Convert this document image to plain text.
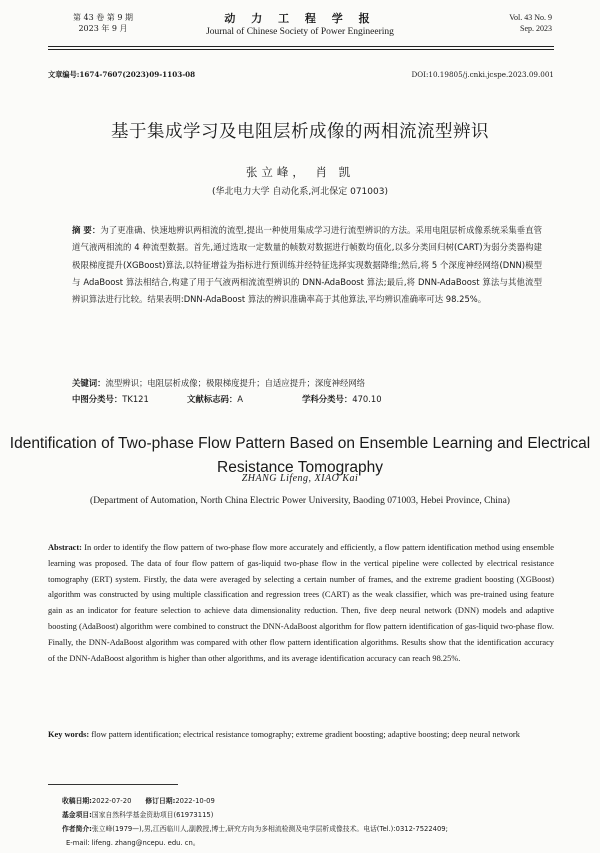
第 43 卷 第 9 期
2023 年 9 月
动 力 工 程 学 报
Journal of Chinese Society of Power Engineering
Vol. 43 No. 9
Sep. 2023
文章编号:1674-7607(2023)09-1103-08	DOI:10.19805/j.cnki.jcspe.2023.09.001
基于集成学习及电阻层析成像的两相流流型辨识
张立峰， 肖 凯
(华北电力大学 自动化系,河北保定 071003)
摘 要：为了更准确、快速地辨识两相流的流型,提出一种使用集成学习进行流型辨识的方法。采用电阻层析成像系统采集垂直管道气液两相流的 4 种流型数据。首先,通过选取一定数量的帧数对数据进行帧数均值化,以多分类回归树(CART)为弱分类器构建极限梯度提升(XGBoost)算法,以特征增益为指标进行预训练并经特征选择实现数据降维;然后,将 5 个深度神经网络(DNN)模型与 AdaBoost 算法相结合,构建了用于气液两相流流型辨识的 DNN-AdaBoost 算法;最后,将 DNN-AdaBoost 算法与其他流型辨识算法进行比较。结果表明:DNN-AdaBoost 算法的辨识准确率高于其他算法,平均辨识准确率可达 98.25%。
关键词：流型辨识；电阻层析成像；极限梯度提升；自适应提升；深度神经网络
中图分类号：TK121	文献标志码：A	学科分类号：470.10
Identification of Two-phase Flow Pattern Based on Ensemble Learning and Electrical Resistance Tomography
ZHANG Lifeng, XIAO Kai
(Department of Automation, North China Electric Power University, Baoding 071003, Hebei Province, China)
Abstract: In order to identify the flow pattern of two-phase flow more accurately and efficiently, a flow pattern identification method using ensemble learning was proposed. The data of four flow pattern of gas-liquid two-phase flow in the vertical pipeline were collected by electrical resistance tomography (ERT) system. Firstly, the data were averaged by selecting a certain number of frames, and the extreme gradient boosting (XGBoost) algorithm was constructed by using multiple classification and regression trees (CART) as the weak classifier, which was pre-trained using feature gain as an indicator for feature selection to achieve data dimensionality reduction. Then, five deep neural network (DNN) models and adaptive boosting (AdaBoost) algorithm were combined to construct the DNN-AdaBoost algorithm for flow pattern identification of gas-liquid two-phase flow. Finally, the DNN-AdaBoost algorithm was compared with other flow pattern identification algorithms. Results show that the identification accuracy of the DNN-AdaBoost algorithm is higher than other algorithms, and its average identification accuracy can reach 98.25%.
Key words: flow pattern identification; electrical resistance tomography; extreme gradient boosting; adaptive boosting; deep neural network
收稿日期:2022-07-20 修订日期:2022-10-09
基金项目:国家自然科学基金资助项目(61973115)
作者简介:张立峰(1979—),男,江西临川人,副教授,博士,研究方向为多相流检测及电学层析成像技术。电话(Tel.):0312-7522409;
E-mail: lifeng. zhang@ncepu. edu. cn。
